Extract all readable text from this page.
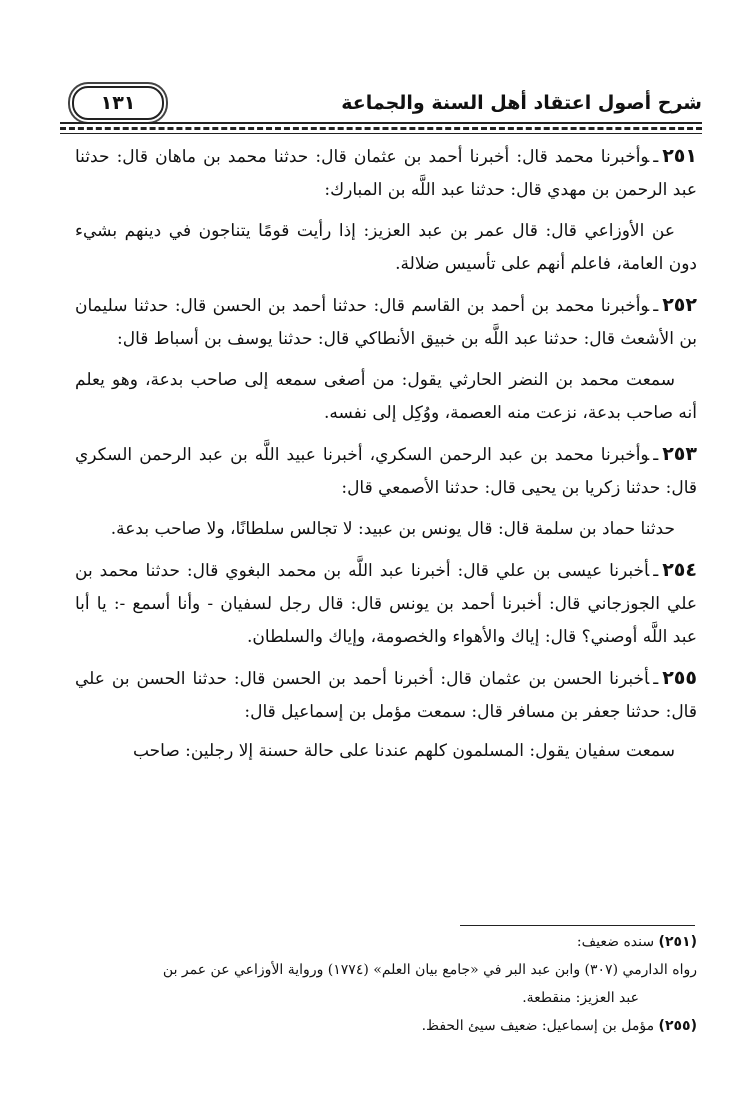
شرح أصول اعتقاد أهل السنة والجماعة
١٣١

٢٥١ـوأخبرنا محمد قال: أخبرنا أحمد بن عثمان قال: حدثنا محمد بن ماهان قال: حدثنا عبد الرحمن بن مهدي قال: حدثنا عبد اللَّه بن المبارك:

عن الأوزاعي قال: قال عمر بن عبد العزيز: إذا رأيت قومًا يتناجون في دينهم بشيء دون العامة، فاعلم أنهم على تأسيس ضلالة.

٢٥٢ـوأخبرنا محمد بن أحمد بن القاسم قال: حدثنا أحمد بن الحسن قال: حدثنا سليمان بن الأشعث قال: حدثنا عبد اللَّه بن خبيق الأنطاكي قال: حدثنا يوسف بن أسباط قال:

سمعت محمد بن النضر الحارثي يقول: من أصغى سمعه إلى صاحب بدعة، وهو يعلم أنه صاحب بدعة، نزعت منه العصمة، ووُكِل إلى نفسه.

٢٥٣ـوأخبرنا محمد بن عبد الرحمن السكري، أخبرنا عبيد اللَّه بن عبد الرحمن السكري قال: حدثنا زكريا بن يحيى قال: حدثنا الأصمعي قال:

حدثنا حماد بن سلمة قال: قال يونس بن عبيد: لا تجالس سلطانًا، ولا صاحب بدعة.

٢٥٤ـأخبرنا عيسى بن علي قال: أخبرنا عبد اللَّه بن محمد البغوي قال: حدثنا محمد بن علي الجوزجاني قال: أخبرنا أحمد بن يونس قال: قال رجل لسفيان - وأنا أسمع -: يا أبا عبد اللَّه أوصني؟ قال: إياك والأهواء والخصومة، وإياك والسلطان.

٢٥٥ـأخبرنا الحسن بن عثمان قال: أخبرنا أحمد بن الحسن قال: حدثنا الحسن بن علي قال: حدثنا جعفر بن مسافر قال: سمعت مؤمل بن إسماعيل قال:

سمعت سفيان يقول: المسلمون كلهم عندنا على حالة حسنة إلا رجلين: صاحب

(٢٥١) سنده ضعيف:

رواه الدارمي (٣٠٧) وابن عبد البر في «جامع بيان العلم» (١٧٧٤) ورواية الأوزاعي عن عمر بن

عبد العزيز: منقطعة.

(٢٥٥) مؤمل بن إسماعيل: ضعيف سيئ الحفظ.
